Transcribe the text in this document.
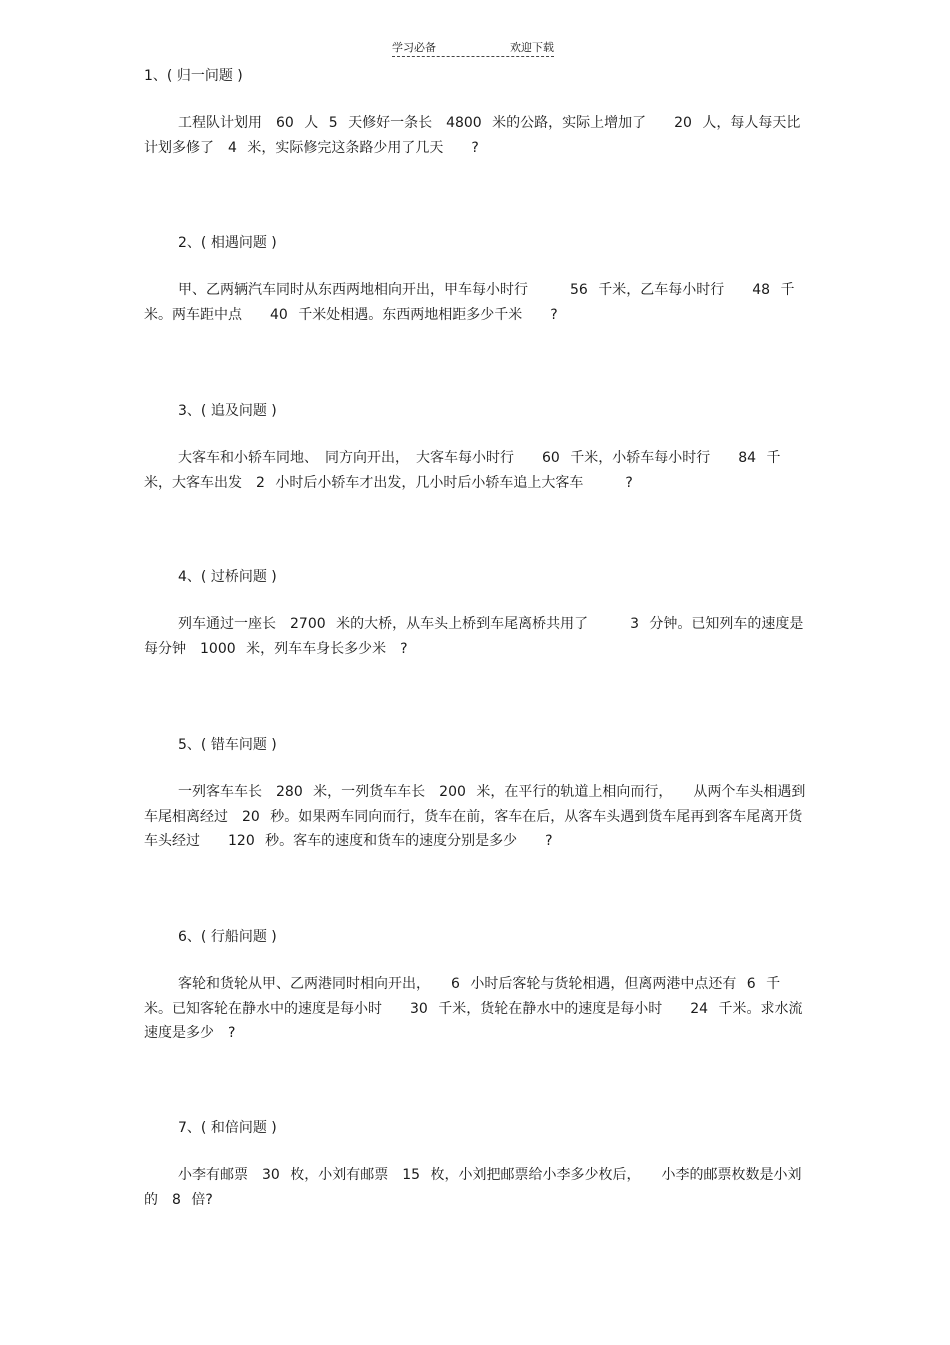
学习必备	欢迎下载
1、( 归一问题 )
工程队计划用　60 人 5 天修好一条长　4800 米的公路，实际上增加了　　20 人，每人每天比计划多修了　4 米，实际修完这条路少用了几天　　?
2、( 相遇问题 )
甲、乙两辆汽车同时从东西两地相向开出，甲车每小时行　　　56 千米，乙车每小时行　　48 千米。两车距中点　　40 千米处相遇。东西两地相距多少千米　　?
3、( 追及问题 )
大客车和小轿车同地、　同方向开出，　大客车每小时行　　60 千米，小轿车每小时行　　84 千米，大客车出发　2 小时后小轿车才出发，几小时后小轿车追上大客车　　　?
4、( 过桥问题 )
列车通过一座长　2700 米的大桥，从车头上桥到车尾离桥共用了　　　3 分钟。已知列车的速度是每分钟　1000 米，列车车身长多少米　?
5、( 错车问题 )
一列客车车长　280 米，一列货车车长　200 米，在平行的轨道上相向而行，　　从两个车头相遇到车尾相离经过　20 秒。如果两车同向而行，货车在前，客车在后，从客车头遇到货车尾再到客车尾离开货车头经过　　120 秒。客车的速度和货车的速度分别是多少　　?
6、( 行船问题 )
客轮和货轮从甲、乙两港同时相向开出，　　6 小时后客轮与货轮相遇，但离两港中点还有 6 千米。已知客轮在静水中的速度是每小时　　30 千米，货轮在静水中的速度是每小时　　24 千米。求水流速度是多少　?
7、( 和倍问题 )
小李有邮票　30 枚，小刘有邮票　15 枚，小刘把邮票给小李多少枚后，　　小李的邮票枚数是小刘的　8 倍?
